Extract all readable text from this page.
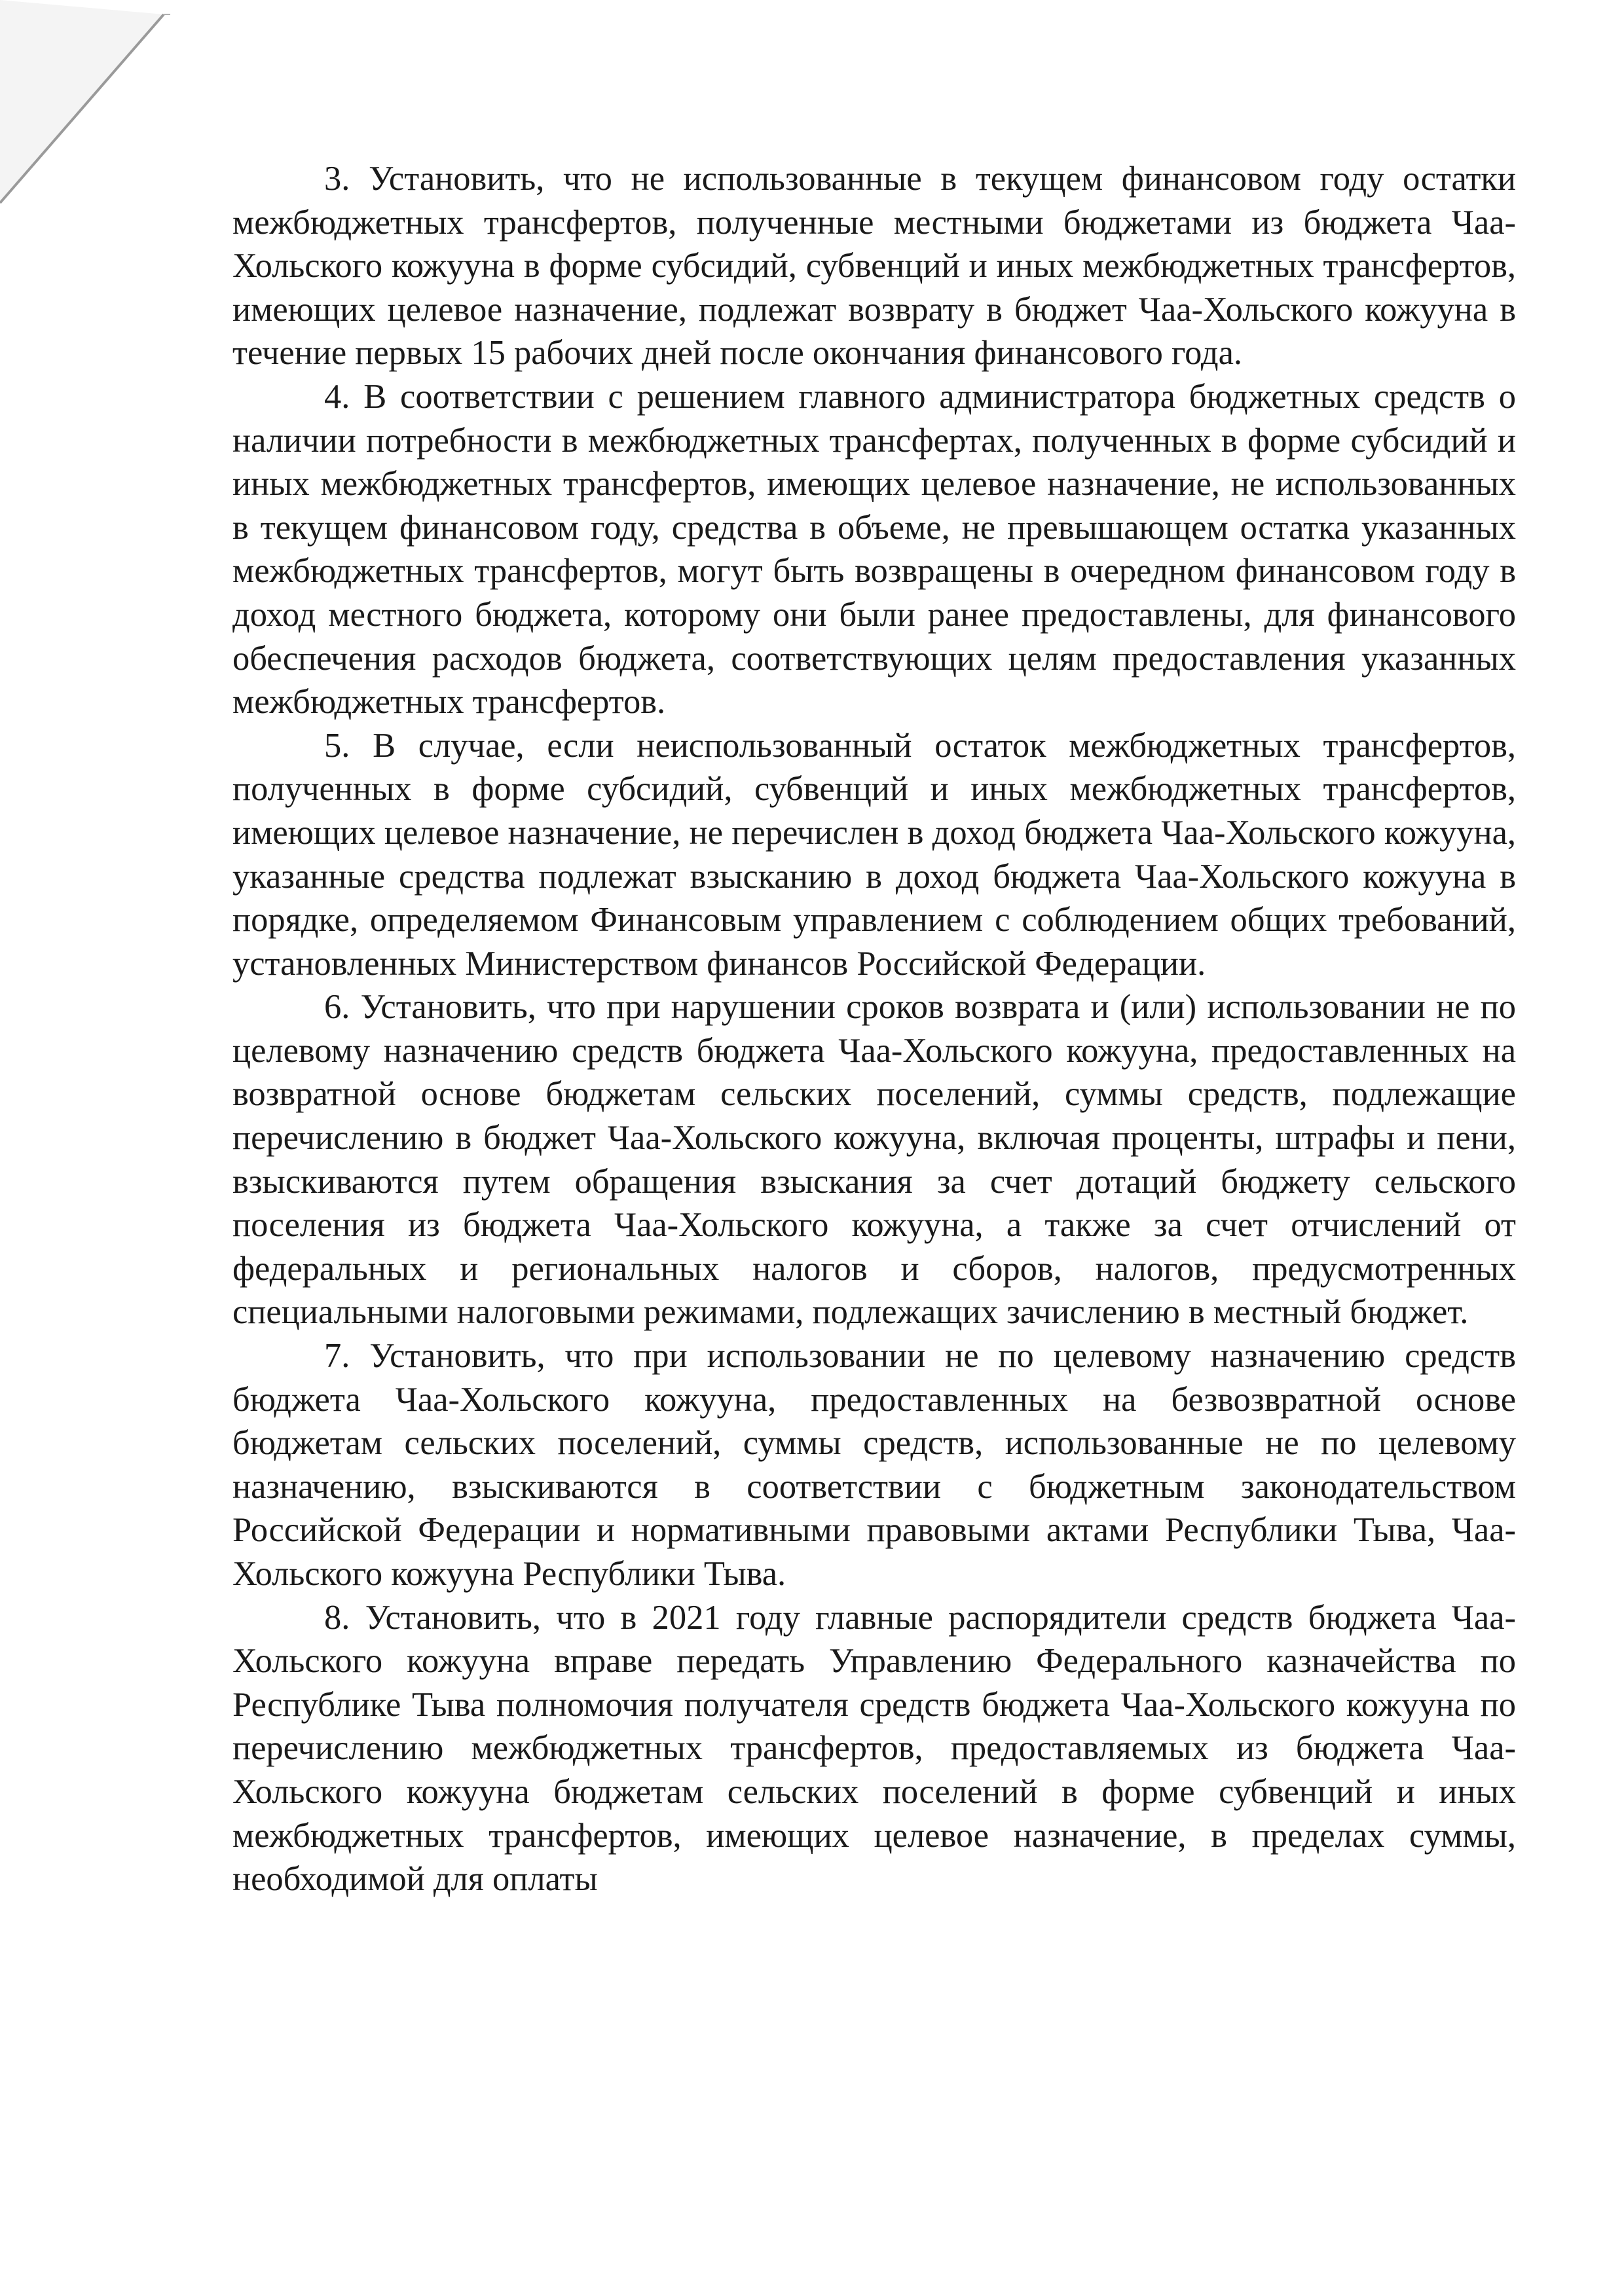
3. Установить, что не использованные в текущем финансовом году остатки межбюджетных трансфертов, полученные местными бюджетами из бюджета Чаа-Хольского кожууна в форме субсидий, субвенций и иных межбюджетных трансфертов, имеющих целевое назначение, подлежат возврату в бюджет Чаа-Хольского кожууна в течение первых 15 рабочих дней после окончания финансового года.

4. В соответствии с решением главного администратора бюджетных средств о наличии потребности в межбюджетных трансфертах, полученных в форме субсидий и иных межбюджетных трансфертов, имеющих целевое назначение, не использованных в текущем финансовом году, средства в объеме, не превышающем остатка указанных межбюджетных трансфертов, могут быть возвращены в очередном финансовом году в доход местного бюджета, которому они были ранее предоставлены, для финансового обеспечения расходов бюджета, соответствующих целям предоставления указанных межбюджетных трансфертов.

5. В случае, если неиспользованный остаток межбюджетных трансфертов, полученных в форме субсидий, субвенций и иных межбюджетных трансфертов, имеющих целевое назначение, не перечислен в доход бюджета Чаа-Хольского кожууна, указанные средства подлежат взысканию в доход бюджета Чаа-Хольского кожууна в порядке, определяемом Финансовым управлением с соблюдением общих требований, установленных Министерством финансов Российской Федерации.

6. Установить, что при нарушении сроков возврата и (или) использовании не по целевому назначению средств бюджета Чаа-Хольского кожууна, предоставленных на возвратной основе бюджетам сельских поселений, суммы средств, подлежащие перечислению в бюджет Чаа-Хольского кожууна, включая проценты, штрафы и пени, взыскиваются путем обращения взыскания за счет дотаций бюджету сельского поселения из бюджета Чаа-Хольского кожууна, а также за счет отчислений от федеральных и региональных налогов и сборов, налогов, предусмотренных специальными налоговыми режимами, подлежащих зачислению в местный бюджет.

7. Установить, что при использовании не по целевому назначению средств бюджета Чаа-Хольского кожууна, предоставленных на безвозвратной основе бюджетам сельских поселений, суммы средств, использованные не по целевому назначению, взыскиваются в соответствии с бюджетным законодательством Российской Федерации и нормативными правовыми актами Республики Тыва, Чаа-Хольского кожууна Республики Тыва.

8. Установить, что в 2021 году главные распорядители средств бюджета Чаа-Хольского кожууна вправе передать Управлению Федерального казначейства по Республике Тыва полномочия получателя средств бюджета Чаа-Хольского кожууна по перечислению межбюджетных трансфертов, предоставляемых из бюджета Чаа-Хольского кожууна бюджетам сельских поселений в форме субвенций и иных межбюджетных трансфертов, имеющих целевое назначение, в пределах суммы, необходимой для оплаты
